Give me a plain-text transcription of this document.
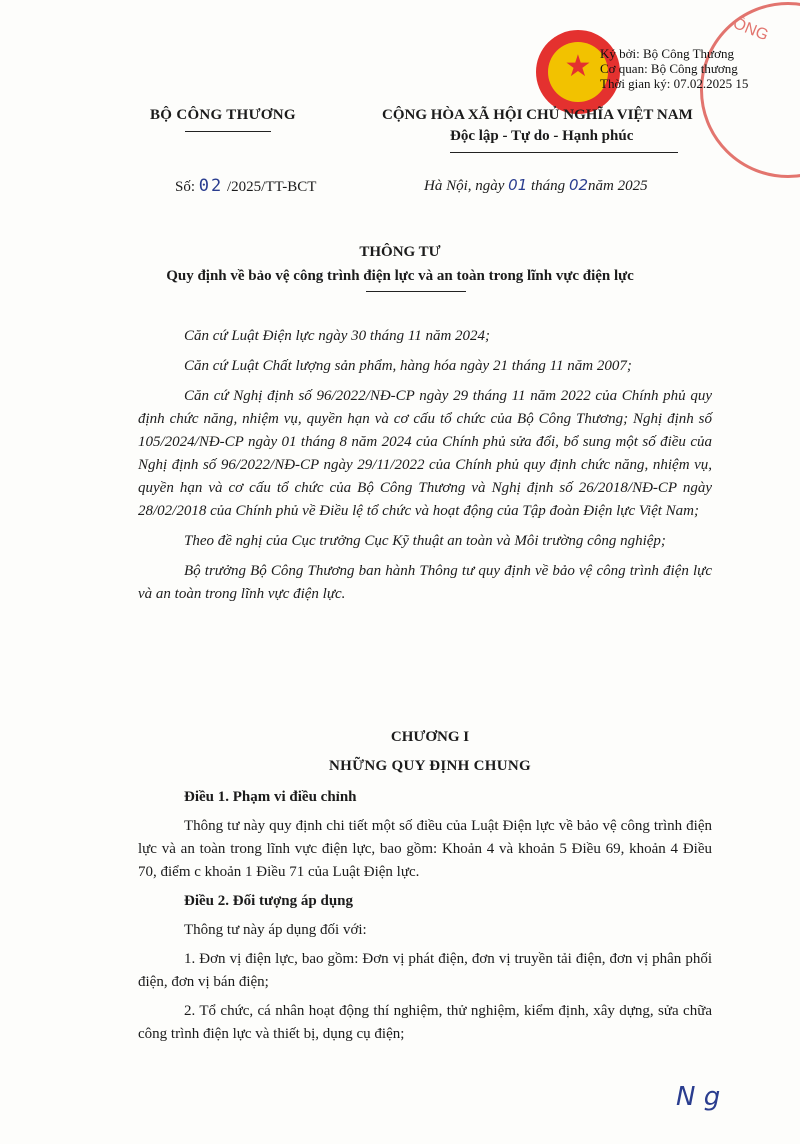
CÔNG
★ Ký bởi: Bộ Công Thương
Cơ quan: Bộ Công thương
Thời gian ký: 07.02.2025 15
BỘ CÔNG THƯƠNG	CỘNG HÒA XÃ HỘI CHỦ NGHĨA VIỆT NAM
Độc lập - Tự do - Hạnh phúc
Số: 02 /2025/TT-BCT	Hà Nội, ngày 01 tháng 02năm 2025
THÔNG TƯ
Quy định về bảo vệ công trình điện lực và an toàn trong lĩnh vực điện lực

Căn cứ Luật Điện lực ngày 30 tháng 11 năm 2024;

Căn cứ Luật Chất lượng sản phẩm, hàng hóa ngày 21 tháng 11 năm 2007;

Căn cứ Nghị định số 96/2022/NĐ-CP ngày 29 tháng 11 năm 2022 của Chính phủ quy định chức năng, nhiệm vụ, quyền hạn và cơ cấu tổ chức của Bộ Công Thương; Nghị định số 105/2024/NĐ-CP ngày 01 tháng 8 năm 2024 của Chính phủ sửa đổi, bổ sung một số điều của Nghị định số 96/2022/NĐ-CP ngày 29/11/2022 của Chính phủ quy định chức năng, nhiệm vụ, quyền hạn và cơ cấu tổ chức của Bộ Công Thương và Nghị định số 26/2018/NĐ-CP ngày 28/02/2018 của Chính phủ về Điều lệ tổ chức và hoạt động của Tập đoàn Điện lực Việt Nam;

Theo đề nghị của Cục trưởng Cục Kỹ thuật an toàn và Môi trường công nghiệp;

Bộ trưởng Bộ Công Thương ban hành Thông tư quy định về bảo vệ công trình điện lực và an toàn trong lĩnh vực điện lực.

CHƯƠNG I
NHỮNG QUY ĐỊNH CHUNG

Điều 1. Phạm vi điều chỉnh

Thông tư này quy định chi tiết một số điều của Luật Điện lực về bảo vệ công trình điện lực và an toàn trong lĩnh vực điện lực, bao gồm: Khoản 4 và khoản 5 Điều 69, khoản 4 Điều 70, điểm c khoản 1 Điều 71 của Luật Điện lực.

Điều 2. Đối tượng áp dụng

Thông tư này áp dụng đối với:

1. Đơn vị điện lực, bao gồm: Đơn vị phát điện, đơn vị truyền tải điện, đơn vị phân phối điện, đơn vị bán điện;

2. Tổ chức, cá nhân hoạt động thí nghiệm, thử nghiệm, kiểm định, xây dựng, sửa chữa công trình điện lực và thiết bị, dụng cụ điện;

N g
